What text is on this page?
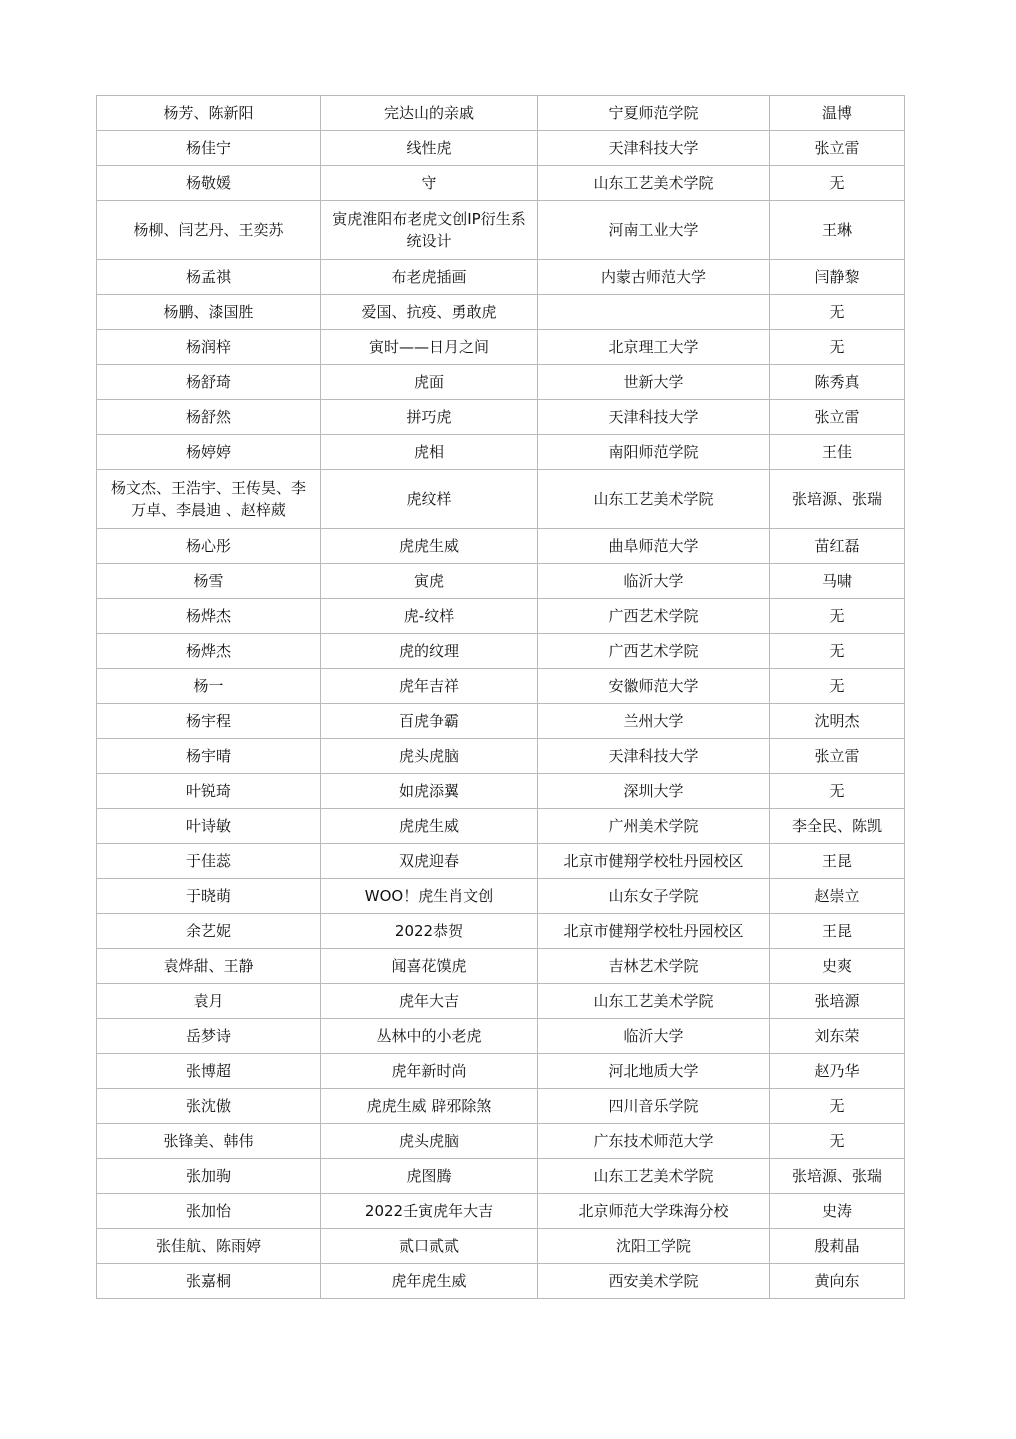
杨芳、陈新阳	完达山的亲戚	宁夏师范学院	温博
杨佳宁	线性虎	天津科技大学	张立雷
杨敬媛	守	山东工艺美术学院	无
杨柳、闫艺丹、王奕苏	寅虎淮阳布老虎文创IP衍生系统设计	河南工业大学	王琳
杨孟祺	布老虎插画	内蒙古师范大学	闫静黎
杨鹏、漆国胜	爱国、抗疫、勇敢虎		无
杨润梓	寅时——日月之间	北京理工大学	无
杨舒琦	虎面	世新大学	陈秀真
杨舒然	拼巧虎	天津科技大学	张立雷
杨婷婷	虎相	南阳师范学院	王佳
杨文杰、王浩宇、王传昊、李万卓、李晨迪 、赵梓葳	虎纹样	山东工艺美术学院	张培源、张瑞
杨心彤	虎虎生威	曲阜师范大学	苗红磊
杨雪	寅虎	临沂大学	马啸
杨烨杰	虎-纹样	广西艺术学院	无
杨烨杰	虎的纹理	广西艺术学院	无
杨一	虎年吉祥	安徽师范大学	无
杨宇程	百虎争霸	兰州大学	沈明杰
杨宇晴	虎头虎脑	天津科技大学	张立雷
叶锐琦	如虎添翼	深圳大学	无
叶诗敏	虎虎生威	广州美术学院	李全民、陈凯
于佳蕊	双虎迎春	北京市健翔学校牡丹园校区	王昆
于晓萌	WOO！虎生肖文创	山东女子学院	赵崇立
余艺妮	2022恭贺	北京市健翔学校牡丹园校区	王昆
袁烨甜、王静	闻喜花馍虎	吉林艺术学院	史爽
袁月	虎年大吉	山东工艺美术学院	张培源
岳梦诗	丛林中的小老虎	临沂大学	刘东荣
张博超	虎年新时尚	河北地质大学	赵乃华
张沈傲	虎虎生威 辟邪除煞	四川音乐学院	无
张锋美、韩伟	虎头虎脑	广东技术师范大学	无
张加驹	虎图腾	山东工艺美术学院	张培源、张瑞
张加怡	2022壬寅虎年大吉	北京师范大学珠海分校	史涛
张佳航、陈雨婷	贰口贰贰	沈阳工学院	殷莉晶
张嘉桐	虎年虎生威	西安美术学院	黄向东
